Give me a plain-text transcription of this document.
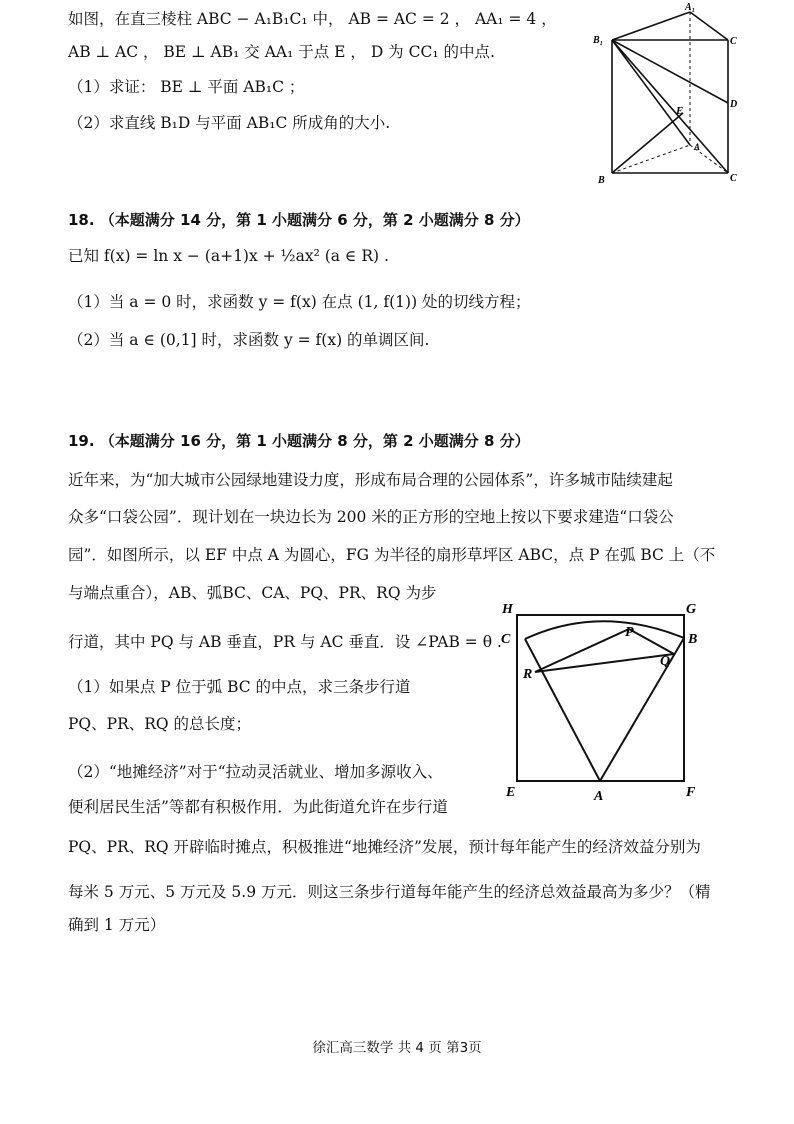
如图，在直三棱柱 ABC − A₁B₁C₁ 中， AB = AC = 2 ， AA₁ = 4 ，
AB ⊥ AC ， BE ⊥ AB₁ 交 AA₁ 于点 E ， D 为 CC₁ 的中点.
（1）求证： BE ⊥ 平面 AB₁C ；
（2）求直线 B₁D 与平面 AB₁C 所成角的大小.
A₁
B₁	C
D
E
A
B	C
18. （本题满分 14 分，第 1 小题满分 6 分，第 2 小题满分 8 分）
已知 f(x) = ln x − (a+1)x + ½ax² (a ∈ R) .
（1）当 a = 0 时，求函数 y = f(x) 在点 (1, f(1)) 处的切线方程；
（2）当 a ∈ (0,1] 时，求函数 y = f(x) 的单调区间.
19. （本题满分 16 分，第 1 小题满分 8 分，第 2 小题满分 8 分）
近年来，为“加大城市公园绿地建设力度，形成布局合理的公园体系”，许多城市陆续建起
众多“口袋公园”．现计划在一块边长为 200 米的正方形的空地上按以下要求建造“口袋公
园”．如图所示，以 EF 中点 A 为圆心，FG 为半径的扇形草坪区 ABC，点 P 在弧 BC 上（不
与端点重合），AB、弧BC、CA、PQ、PR、RQ 为步
行道，其中 PQ 与 AB 垂直，PR 与 AC 垂直．设 ∠PAB = θ .
（1）如果点 P 位于弧 BC 的中点，求三条步行道
PQ、PR、RQ 的总长度；
（2）“地摊经济”对于“拉动灵活就业、增加多源收入、
便利居民生活”等都有积极作用．为此街道允许在步行道
PQ、PR、RQ 开辟临时摊点，积极推进“地摊经济”发展，预计每年能产生的经济效益分别为
每米 5 万元、5 万元及 5.9 万元．则这三条步行道每年能产生的经济总效益最高为多少？（精
确到 1 万元）
H	G
C	P	B
Q
R
E	A	F
徐汇高三数学 共 4 页 第3页
